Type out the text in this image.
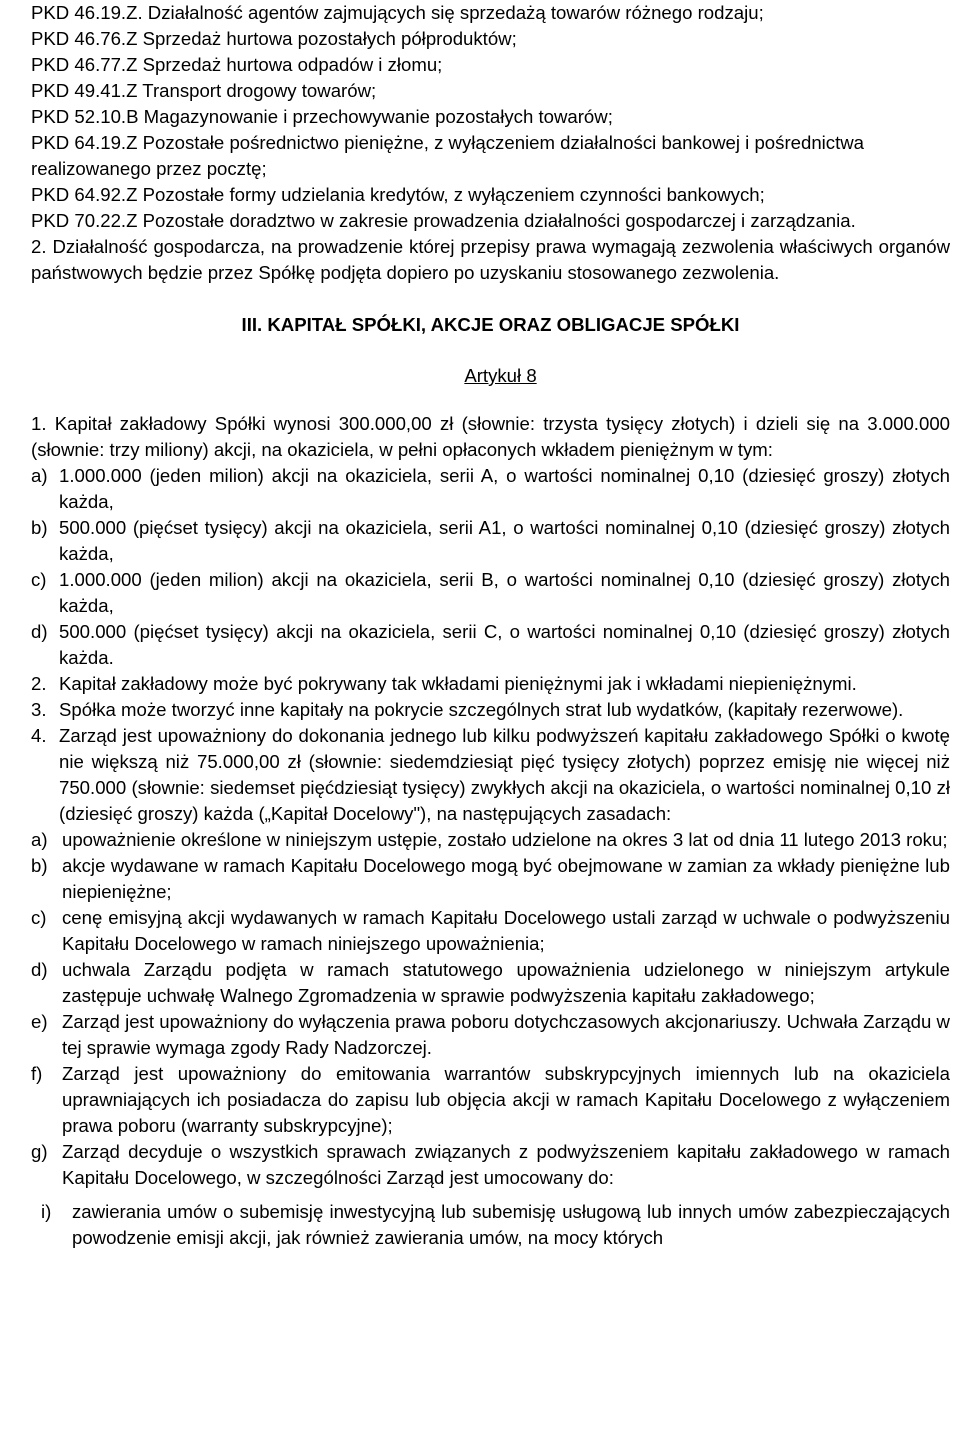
PKD 46.19.Z. Działalność agentów zajmujących się sprzedażą towarów różnego rodzaju;

PKD 46.76.Z Sprzedaż hurtowa pozostałych półproduktów;

PKD 46.77.Z Sprzedaż hurtowa odpadów i złomu;

PKD 49.41.Z Transport drogowy towarów;

PKD 52.10.B Magazynowanie i przechowywanie pozostałych towarów;

PKD 64.19.Z Pozostałe pośrednictwo pieniężne, z wyłączeniem działalności bankowej i pośrednictwa realizowanego przez pocztę;

PKD 64.92.Z Pozostałe formy udzielania kredytów, z wyłączeniem czynności bankowych;

PKD 70.22.Z Pozostałe doradztwo w zakresie prowadzenia działalności gospodarczej i zarządzania.

2. Działalność gospodarcza, na prowadzenie której przepisy prawa wymagają zezwolenia właściwych organów państwowych będzie przez Spółkę podjęta dopiero po uzyskaniu stosowanego zezwolenia.

III. KAPITAŁ SPÓŁKI, AKCJE ORAZ OBLIGACJE SPÓŁKI
Artykuł 8

1. Kapitał zakładowy Spółki wynosi 300.000,00 zł (słownie: trzysta tysięcy złotych) i dzieli się na 3.000.000 (słownie: trzy miliony) akcji, na okaziciela, w pełni opłaconych wkładem pieniężnym w tym:

a) 1.000.000 (jeden milion) akcji na okaziciela, serii A, o wartości nominalnej 0,10 (dziesięć groszy) złotych każda,
b) 500.000 (pięćset tysięcy) akcji na okaziciela, serii A1, o wartości nominalnej 0,10 (dziesięć groszy) złotych każda,
c) 1.000.000 (jeden milion) akcji na okaziciela, serii B, o wartości nominalnej 0,10 (dziesięć groszy) złotych każda,
d) 500.000 (pięćset tysięcy) akcji na okaziciela, serii C, o wartości nominalnej 0,10 (dziesięć groszy) złotych każda.
2. Kapitał zakładowy może być pokrywany tak wkładami pieniężnymi jak i wkładami niepieniężnymi.
3. Spółka może tworzyć inne kapitały na pokrycie szczególnych strat lub wydatków, (kapitały rezerwowe).
4. Zarząd jest upoważniony do dokonania jednego lub kilku podwyższeń kapitału zakładowego Spółki o kwotę nie większą niż 75.000,00 zł (słownie: siedemdziesiąt pięć tysięcy złotych) poprzez emisję nie więcej niż 750.000 (słownie: siedemset pięćdziesiąt tysięcy) zwykłych akcji na okaziciela, o wartości nominalnej 0,10 zł (dziesięć groszy) każda („Kapitał Docelowy"), na następujących zasadach:
a) upoważnienie określone w niniejszym ustępie, zostało udzielone na okres 3 lat od dnia 11 lutego 2013 roku;
b) akcje wydawane w ramach Kapitału Docelowego mogą być obejmowane w zamian za wkłady pieniężne lub niepieniężne;
c) cenę emisyjną akcji wydawanych w ramach Kapitału Docelowego ustali zarząd w uchwale o podwyższeniu Kapitału Docelowego w ramach niniejszego upoważnienia;
d) uchwala Zarządu podjęta w ramach statutowego upoważnienia udzielonego w niniejszym artykule zastępuje uchwałę Walnego Zgromadzenia w sprawie podwyższenia kapitału zakładowego;
e) Zarząd jest upoważniony do wyłączenia prawa poboru dotychczasowych akcjonariuszy. Uchwała Zarządu w tej sprawie wymaga zgody Rady Nadzorczej.
f)	Zarząd jest upoważniony do emitowania warrantów subskrypcyjnych imiennych lub na okaziciela uprawniających ich posiadacza do zapisu lub objęcia akcji w ramach Kapitału Docelowego z wyłączeniem prawa poboru (warranty subskrypcyjne);
g) Zarząd decyduje o wszystkich sprawach związanych z podwyższeniem kapitału zakładowego w ramach Kapitału Docelowego, w szczególności Zarząd jest umocowany do:
i)	zawierania umów o subemisję inwestycyjną lub subemisję usługową lub innych umów zabezpieczających powodzenie emisji akcji, jak również zawierania umów, na mocy których
